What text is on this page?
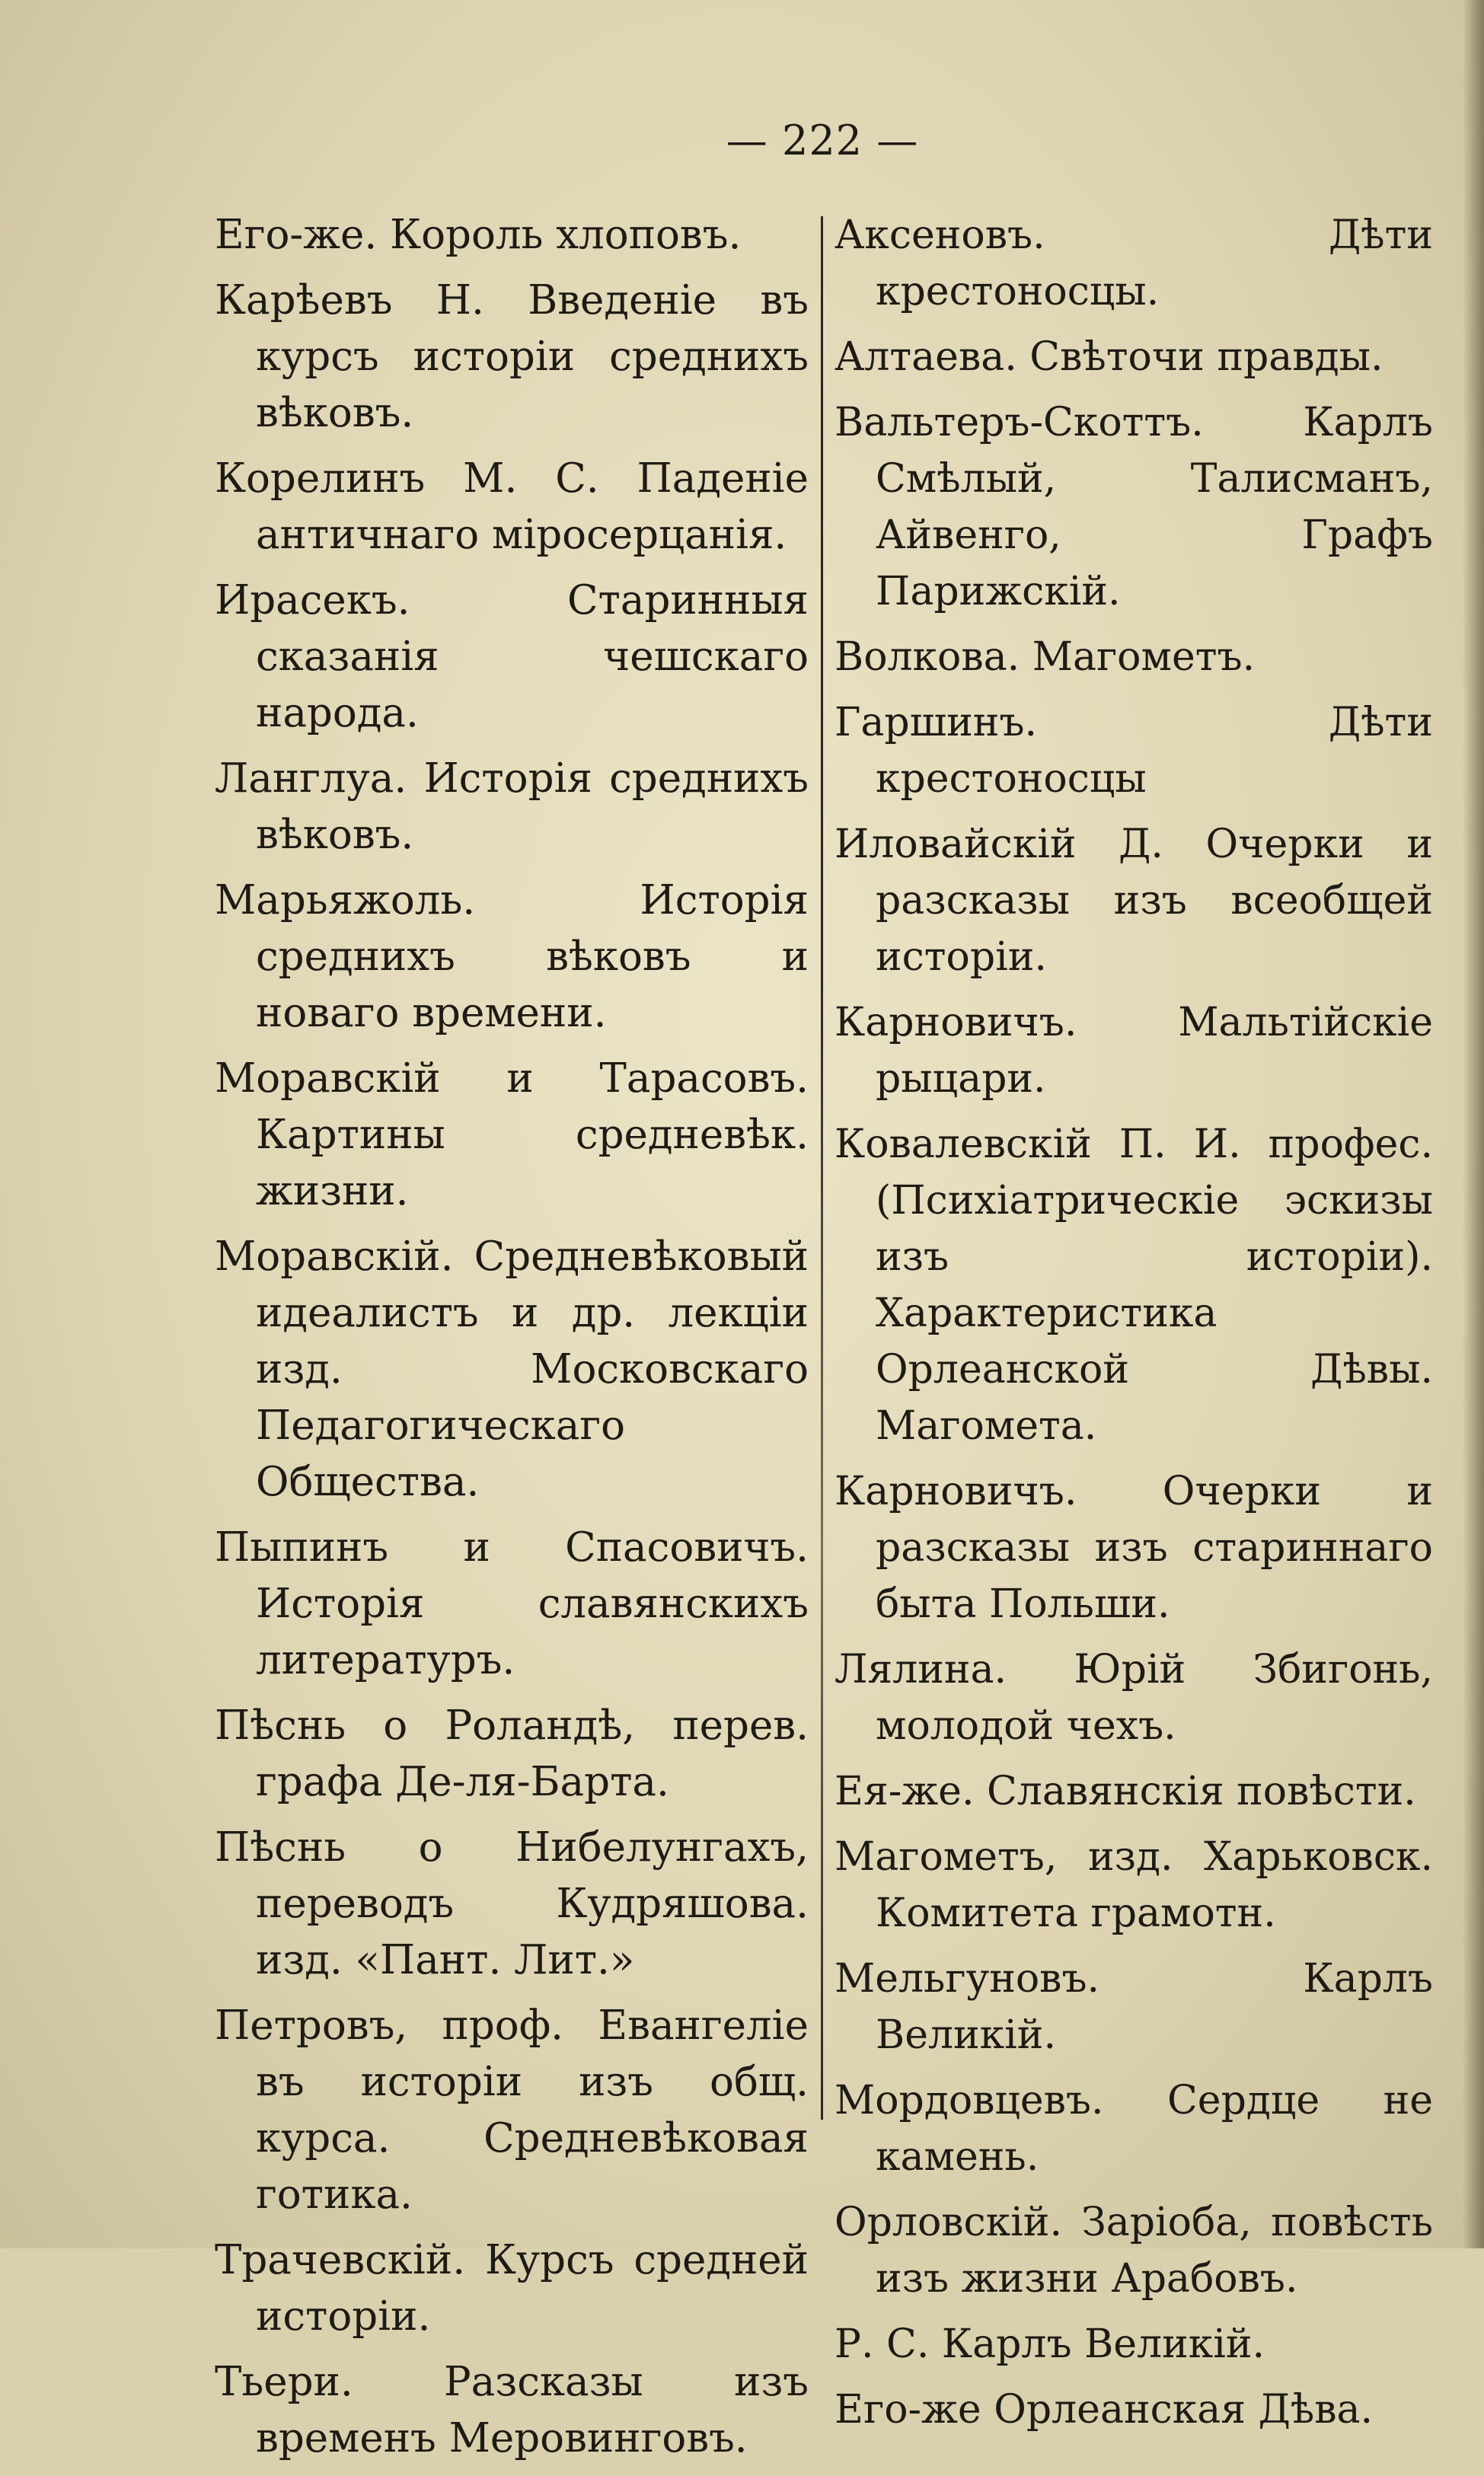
— 222 —

Его-же. Король хлоповъ.

Карѣевъ Н. Введеніе въ курсъ исторіи среднихъ вѣковъ.

Корелинъ М. С. Паденіе античнаго міросерцанія.

Ирасекъ. Старинныя сказанія чешскаго народа.

Ланглуа. Исторія среднихъ вѣковъ.

Марьяжоль. Исторія среднихъ вѣковъ и новаго времени.

Моравскій и Тарасовъ. Картины средневѣк. жизни.

Моравскій. Средневѣковый идеалистъ и др. лекціи изд. Московскаго Педагогическаго Общества.

Пыпинъ и Спасовичъ. Исторія славянскихъ литературъ.

Пѣснь о Роландѣ, перев. графа Де-ля-Барта.

Пѣснь о Нибелунгахъ, переводъ Кудряшова. изд. «Пант. Лит.»

Петровъ, проф. Евангеліе въ исторіи изъ общ. курса. Средневѣковая готика.

Трачевскій. Курсъ средней исторіи.

Тьери. Разсказы изъ временъ Меровинговъ.

Аксеновъ. Дѣти крестоносцы.

Алтаева. Свѣточи правды.

Вальтеръ-Скоттъ. Карлъ Смѣлый, Талисманъ, Айвенго, Графъ Парижскій.

Волкова. Магометъ.

Гаршинъ. Дѣти крестоносцы

Иловайскій Д. Очерки и разсказы изъ всеобщей исторіи.

Карновичъ. Мальтійскіе рыцари.

Ковалевскій П. И. профес. (Психіатрическіе эскизы изъ исторіи). Характеристика Орлеанской Дѣвы. Магомета.

Карновичъ. Очерки и разсказы изъ стариннаго быта Польши.

Лялина. Юрій Збигонь, молодой чехъ.

Ея-же. Славянскія повѣсти.

Магометъ, изд. Харьковск. Комитета грамотн.

Мельгуновъ. Карлъ Великій.

Мордовцевъ. Сердце не камень.

Орловскій. Заріоба, повѣсть изъ жизни Арабовъ.

Р. С. Карлъ Великій.

Его-же Орлеанская Дѣва.
